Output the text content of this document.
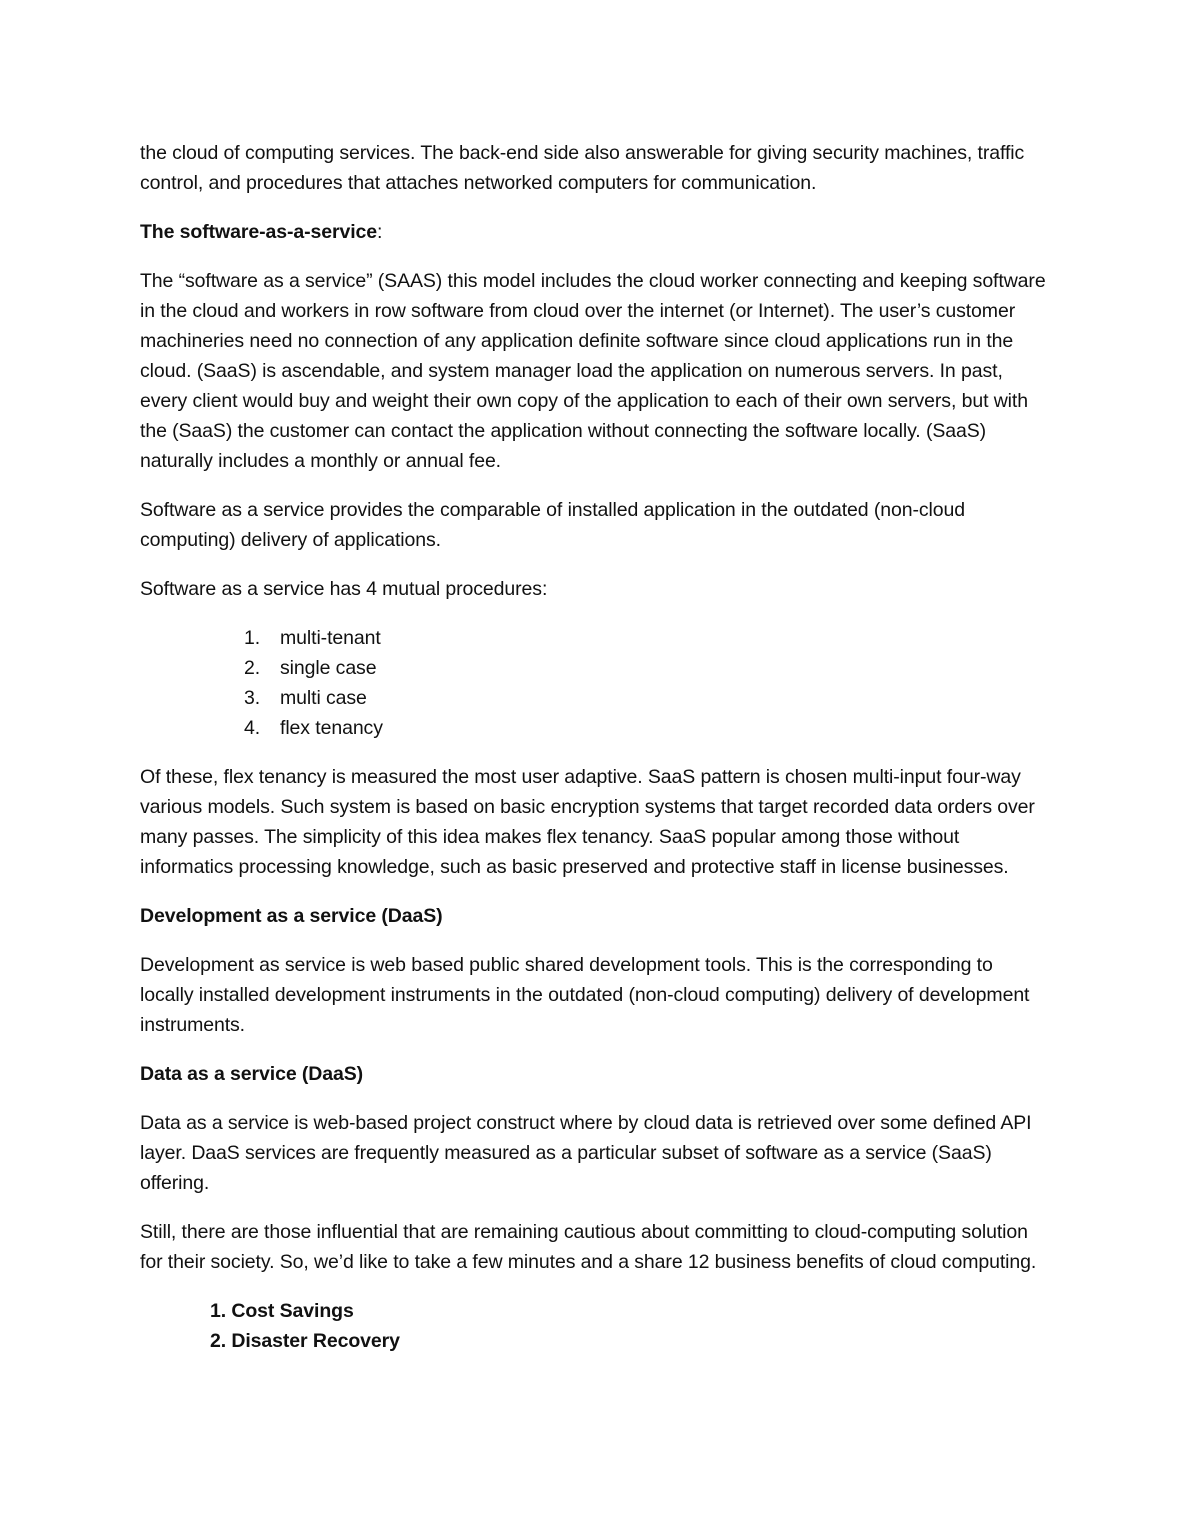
the cloud of computing services. The back-end side also answerable for giving security machines, traffic control, and procedures that attaches networked computers for communication.

The software-as-a-service:

The “software as a service” (SAAS) this model includes the cloud worker connecting and keeping software in the cloud and workers in row software from cloud over the internet (or Internet). The user’s customer machineries need no connection of any application definite software since cloud applications run in the cloud. (SaaS) is ascendable, and system manager load the application on numerous servers. In past, every client would buy and weight their own copy of the application to each of their own servers, but with the (SaaS) the customer can contact the application without connecting the software locally. (SaaS) naturally includes a monthly or annual fee.

Software as a service provides the comparable of installed application in the outdated (non-cloud computing) delivery of applications.

Software as a service has 4 mutual procedures:

1. multi-tenant
2. single case
3. multi case
4. flex tenancy

Of these, flex tenancy is measured the most user adaptive. SaaS pattern is chosen multi-input four-way various models. Such system is based on basic encryption systems that target recorded data orders over many passes. The simplicity of this idea makes flex tenancy. SaaS popular among those without informatics processing knowledge, such as basic preserved and protective staff in license businesses.

Development as a service (DaaS)

Development as service is web based public shared development tools. This is the corresponding to locally installed development instruments in the outdated (non-cloud computing) delivery of development instruments.

Data as a service (DaaS)

Data as a service is web-based project construct where by cloud data is retrieved over some defined API layer. DaaS services are frequently measured as a particular subset of software as a service (SaaS) offering.

Still, there are those influential that are remaining cautious about committing to cloud-computing solution for their society. So, we’d like to take a few minutes and a share 12 business benefits of cloud computing.

1. Cost Savings
2. Disaster Recovery
